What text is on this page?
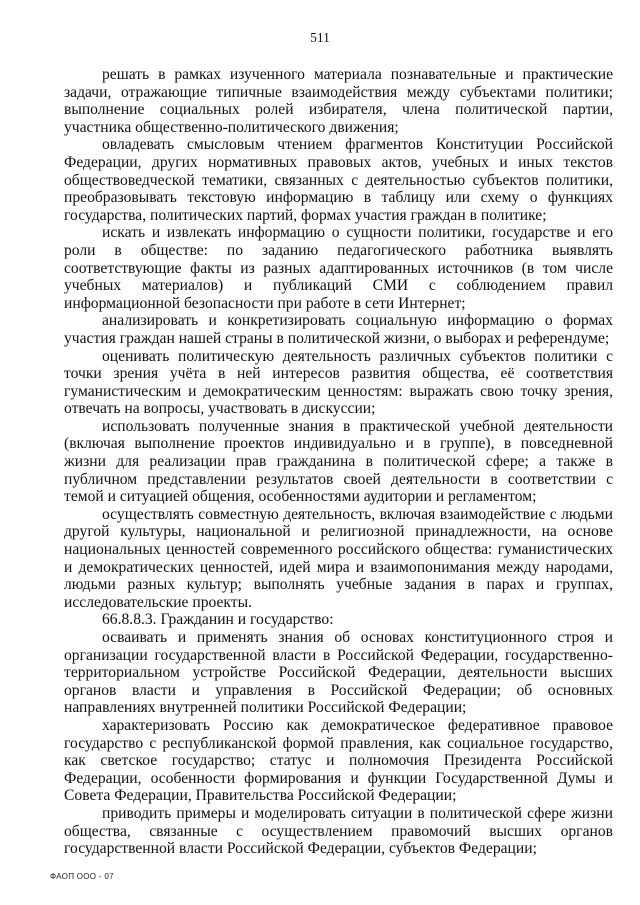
511

решать в рамках изученного материала познавательные и практические задачи, отражающие типичные взаимодействия между субъектами политики; выполнение социальных ролей избирателя, члена политической партии, участника общественно-политического движения;

овладевать смысловым чтением фрагментов Конституции Российской Федерации, других нормативных правовых актов, учебных и иных текстов обществоведческой тематики, связанных с деятельностью субъектов политики, преобразовывать текстовую информацию в таблицу или схему о функциях государства, политических партий, формах участия граждан в политике;

искать и извлекать информацию о сущности политики, государстве и его роли в обществе: по заданию педагогического работника выявлять соответствующие факты из разных адаптированных источников (в том числе учебных материалов) и публикаций СМИ с соблюдением правил информационной безопасности при работе в сети Интернет;

анализировать и конкретизировать социальную информацию о формах участия граждан нашей страны в политической жизни, о выборах и референдуме;

оценивать политическую деятельность различных субъектов политики с точки зрения учёта в ней интересов развития общества, её соответствия гуманистическим и демократическим ценностям: выражать свою точку зрения, отвечать на вопросы, участвовать в дискуссии;

использовать полученные знания в практической учебной деятельности (включая выполнение проектов индивидуально и в группе), в повседневной жизни для реализации прав гражданина в политической сфере; а также в публичном представлении результатов своей деятельности в соответствии с темой и ситуацией общения, особенностями аудитории и регламентом;

осуществлять совместную деятельность, включая взаимодействие с людьми другой культуры, национальной и религиозной принадлежности, на основе национальных ценностей современного российского общества: гуманистических и демократических ценностей, идей мира и взаимопонимания между народами, людьми разных культур; выполнять учебные задания в парах и группах, исследовательские проекты.

66.8.8.3. Гражданин и государство:

осваивать и применять знания об основах конституционного строя и организации государственной власти в Российской Федерации, государственно-территориальном устройстве Российской Федерации, деятельности высших органов власти и управления в Российской Федерации; об основных направлениях внутренней политики Российской Федерации;

характеризовать Россию как демократическое федеративное правовое государство с республиканской формой правления, как социальное государство, как светское государство; статус и полномочия Президента Российской Федерации, особенности формирования и функции Государственной Думы и Совета Федерации, Правительства Российской Федерации;

приводить примеры и моделировать ситуации в политической сфере жизни общества, связанные с осуществлением правомочий высших органов государственной власти Российской Федерации, субъектов Федерации;

ФАОП ООО - 07
